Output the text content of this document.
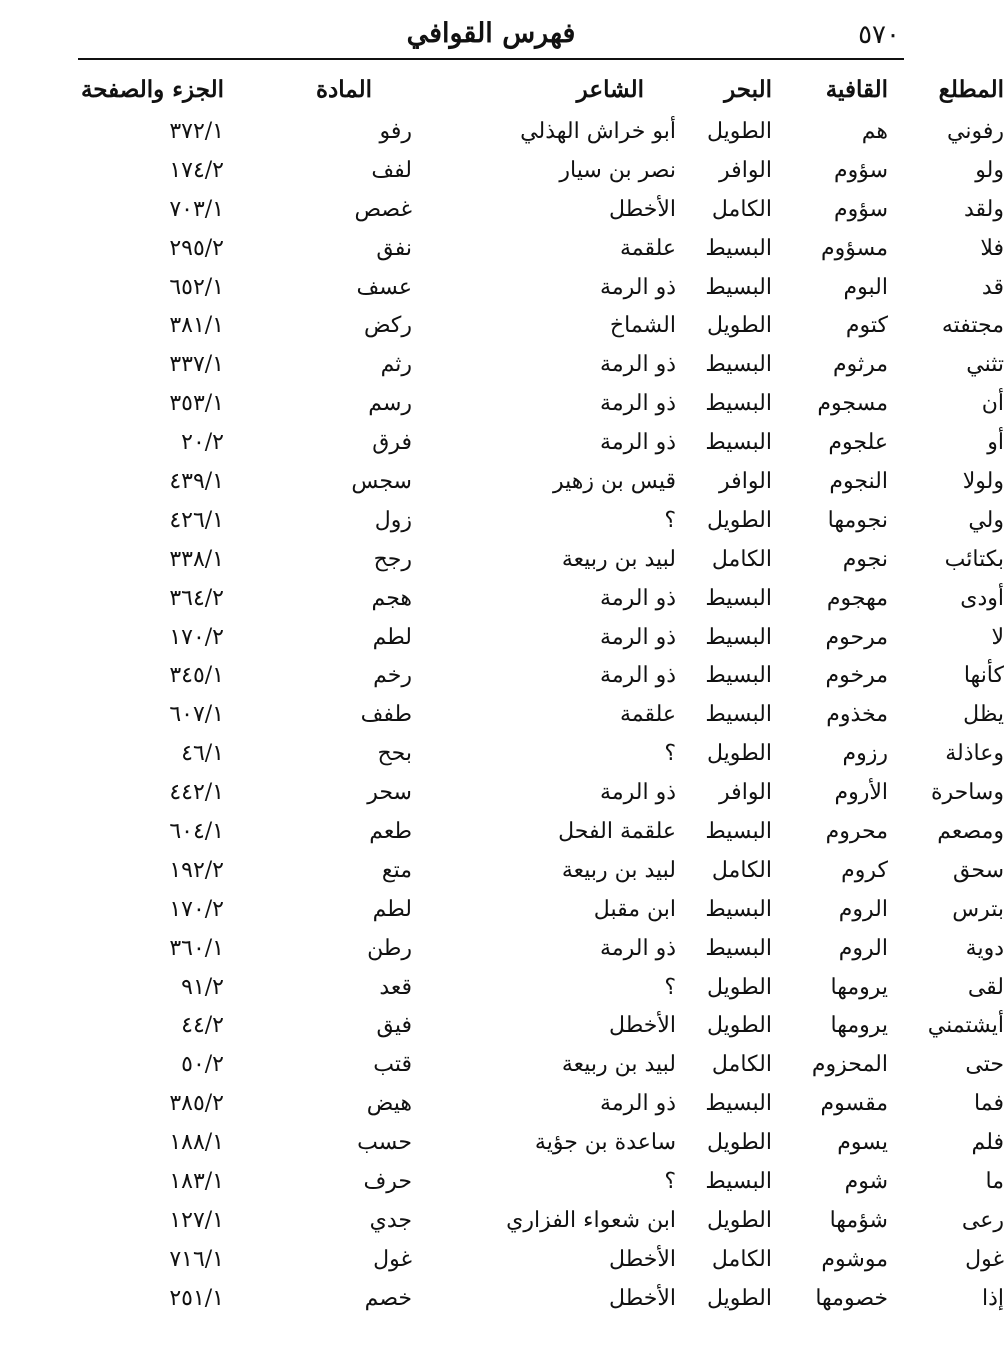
٥٧٠
فهرس القوافي
المطلع	القافية	البحر	الشاعر	المادة	الجزء والصفحة
رفوني	هم	الطويل	أبو خراش الهذلي	رفو	٣٧٢/١
ولو	سؤوم	الوافر	نصر بن سيار	لفف	١٧٤/٢
ولقد	سؤوم	الكامل	الأخطل	غصص	٧٠٣/١
فلا	مسؤوم	البسيط	علقمة	نفق	٢٩٥/٢
قد	البوم	البسيط	ذو الرمة	عسف	٦٥٢/١
مجتفته	كتوم	الطويل	الشماخ	ركض	٣٨١/١
تثني	مرثوم	البسيط	ذو الرمة	رثم	٣٣٧/١
أن	مسجوم	البسيط	ذو الرمة	رسم	٣٥٣/١
أو	علجوم	البسيط	ذو الرمة	فرق	٢٠/٢
ولولا	النجوم	الوافر	قيس بن زهير	سجس	٤٣٩/١
ولي	نجومها	الطويل	؟	زول	٤٢٦/١
بكتائب	نجوم	الكامل	لبيد بن ربيعة	رجح	٣٣٨/١
أودى	مهجوم	البسيط	ذو الرمة	هجم	٣٦٤/٢
لا	مرحوم	البسيط	ذو الرمة	لطم	١٧٠/٢
كأنها	مرخوم	البسيط	ذو الرمة	رخم	٣٤٥/١
يظل	مخذوم	البسيط	علقمة	طفف	٦٠٧/١
وعاذلة	رزوم	الطويل	؟	بحح	٤٦/١
وساحرة	الأروم	الوافر	ذو الرمة	سحر	٤٤٢/١
ومصعم	محروم	البسيط	علقمة الفحل	طعم	٦٠٤/١
سحق	كروم	الكامل	لبيد بن ربيعة	متع	١٩٢/٢
بترس	الروم	البسيط	ابن مقبل	لطم	١٧٠/٢
دوية	الروم	البسيط	ذو الرمة	رطن	٣٦٠/١
لقى	يرومها	الطويل	؟	قعد	٩١/٢
أيشتمني	يرومها	الطويل	الأخطل	فيق	٤٤/٢
حتى	المحزوم	الكامل	لبيد بن ربيعة	قتب	٥٠/٢
فما	مقسوم	البسيط	ذو الرمة	هيض	٣٨٥/٢
فلم	يسوم	الطويل	ساعدة بن جؤية	حسب	١٨٨/١
ما	شوم	البسيط	؟	حرف	١٨٣/١
رعى	شؤمها	الطويل	ابن شعواء الفزاري	جدي	١٢٧/١
غول	موشوم	الكامل	الأخطل	غول	٧١٦/١
إذا	خصومها	الطويل	الأخطل	خصم	٢٥١/١
